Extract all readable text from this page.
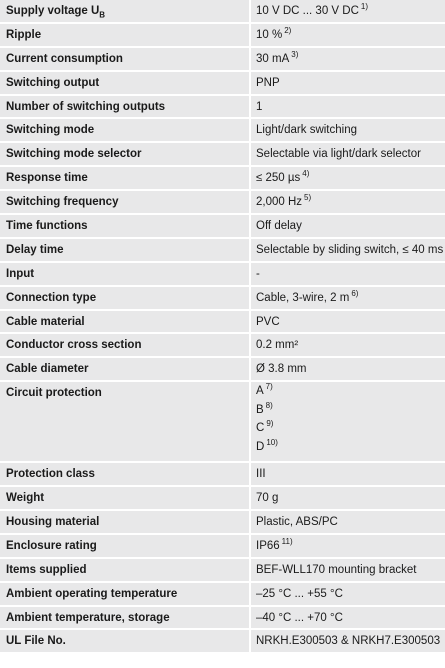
Supply voltage $U_B$	10 V DC ... 30 V DC $^{1)}$
Ripple	10 % $^{2)}$
Current consumption	30 mA $^{3)}$
Switching output	PNP
Number of switching outputs	1
Switching mode	Light/dark switching
Switching mode selector	Selectable via light/dark selector
Response time	≤ 250 µs $^{4)}$
Switching frequency	2,000 Hz $^{5)}$
Time functions	Off delay
Delay time	Selectable by sliding switch, ≤ 40 ms
Input	-
Connection type	Cable, 3-wire, 2 m $^{6)}$
Cable material	PVC
Conductor cross section	0.2 mm²
Cable diameter	Ø 3.8 mm
Circuit protection	A $^{7)}$
B $^{8)}$
C $^{9)}$
D $^{10)}$

Protection class	III
Weight	70 g
Housing material	Plastic, ABS/PC
Enclosure rating	IP66 $^{11)}$
Items supplied	BEF-WLL170 mounting bracket
Ambient operating temperature	–25 °C ... +55 °C
Ambient temperature, storage	–40 °C ... +70 °C
UL File No.	NRKH.E300503 & NRKH7.E300503
